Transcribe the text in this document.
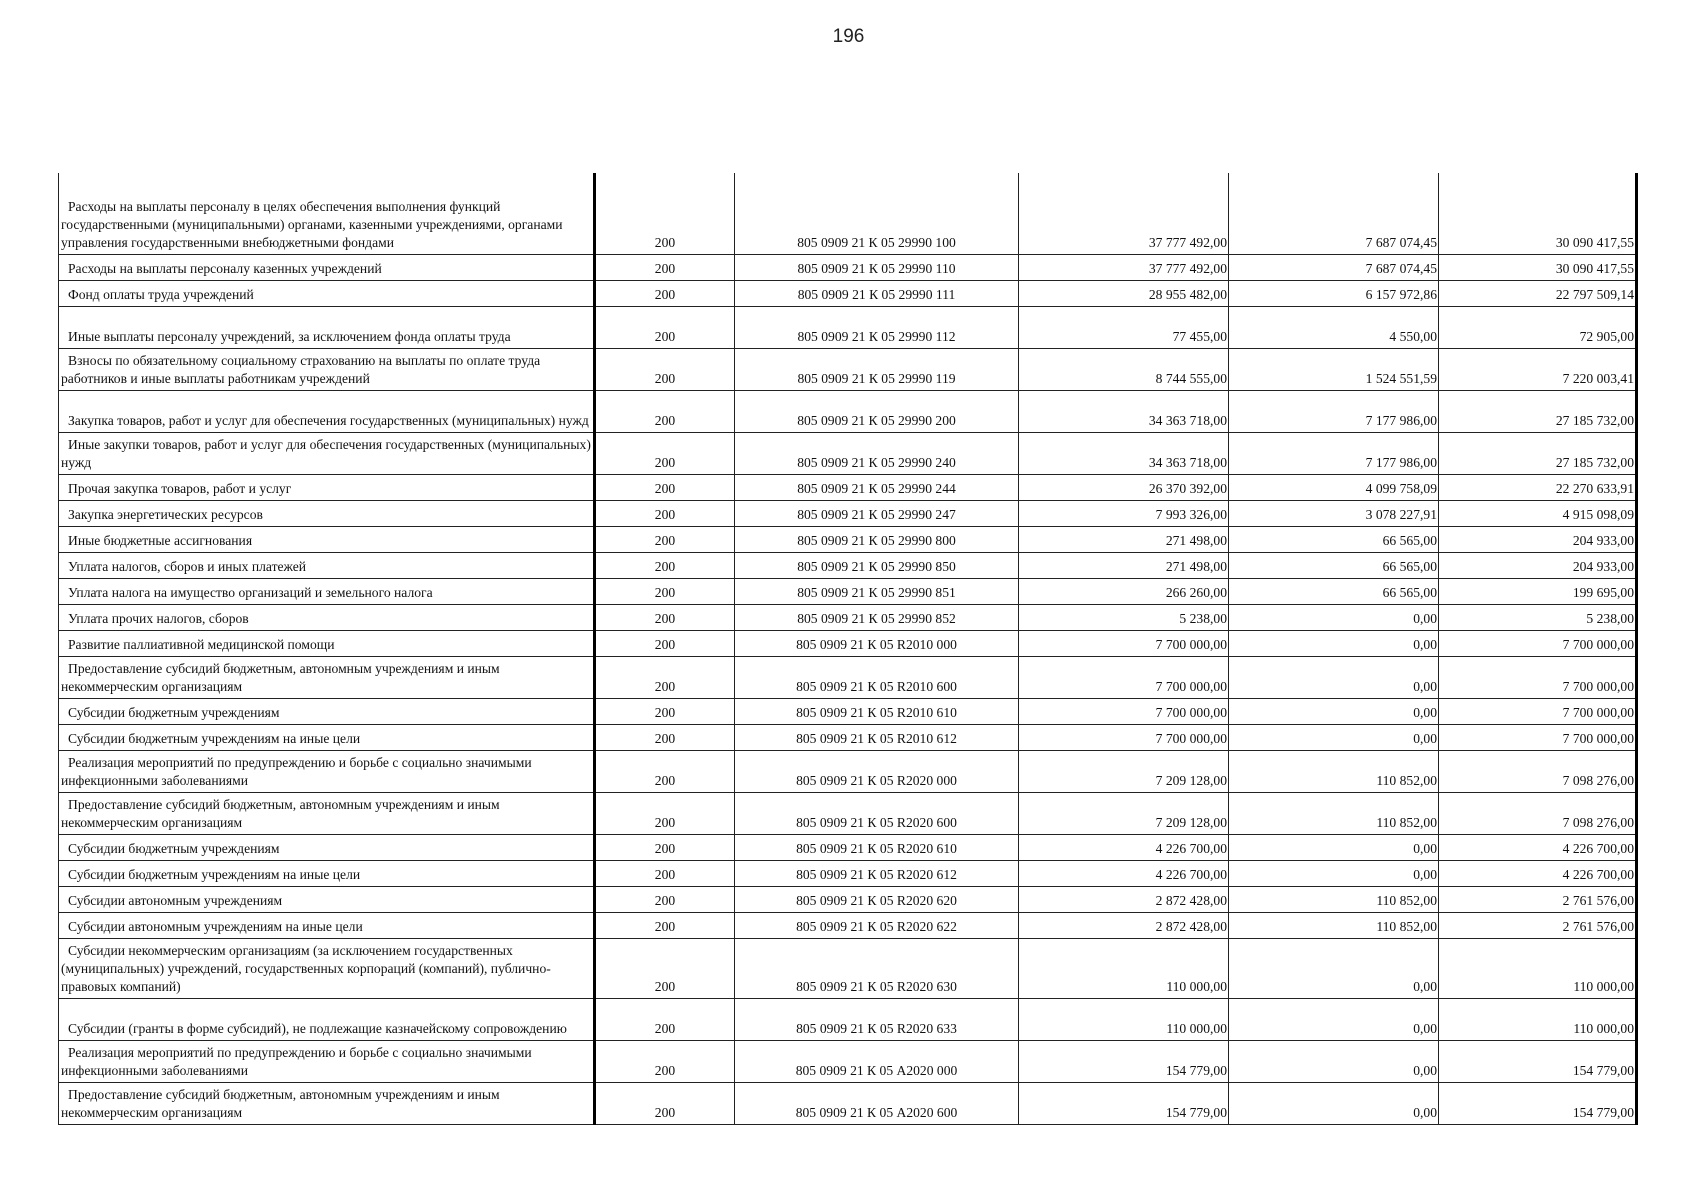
196
Расходы на выплаты персоналу в целях обеспечения выполнения функций государственными (муниципальными) органами, казенными учреждениями, органами управления государственными внебюджетными фондами	200	805 0909 21 К 05 29990 100	37 777 492,00	7 687 074,45	30 090 417,55
Расходы на выплаты персоналу казенных учреждений	200	805 0909 21 К 05 29990 110	37 777 492,00	7 687 074,45	30 090 417,55
Фонд оплаты труда учреждений	200	805 0909 21 К 05 29990 111	28 955 482,00	6 157 972,86	22 797 509,14
Иные выплаты персоналу учреждений, за исключением фонда оплаты труда	200	805 0909 21 К 05 29990 112	77 455,00	4 550,00	72 905,00
Взносы по обязательному социальному страхованию на выплаты по оплате труда работников и иные выплаты работникам учреждений	200	805 0909 21 К 05 29990 119	8 744 555,00	1 524 551,59	7 220 003,41
Закупка товаров, работ и услуг для обеспечения государственных (муниципальных) нужд	200	805 0909 21 К 05 29990 200	34 363 718,00	7 177 986,00	27 185 732,00
Иные закупки товаров, работ и услуг для обеспечения государственных (муниципальных) нужд	200	805 0909 21 К 05 29990 240	34 363 718,00	7 177 986,00	27 185 732,00
Прочая закупка товаров, работ и услуг	200	805 0909 21 К 05 29990 244	26 370 392,00	4 099 758,09	22 270 633,91
Закупка энергетических ресурсов	200	805 0909 21 К 05 29990 247	7 993 326,00	3 078 227,91	4 915 098,09
Иные бюджетные ассигнования	200	805 0909 21 К 05 29990 800	271 498,00	66 565,00	204 933,00
Уплата налогов, сборов и иных платежей	200	805 0909 21 К 05 29990 850	271 498,00	66 565,00	204 933,00
Уплата налога на имущество организаций и земельного налога	200	805 0909 21 К 05 29990 851	266 260,00	66 565,00	199 695,00
Уплата прочих налогов, сборов	200	805 0909 21 К 05 29990 852	5 238,00	0,00	5 238,00
Развитие паллиативной медицинской помощи	200	805 0909 21 К 05 R2010 000	7 700 000,00	0,00	7 700 000,00
Предоставление субсидий бюджетным, автономным учреждениям и иным некоммерческим организациям	200	805 0909 21 К 05 R2010 600	7 700 000,00	0,00	7 700 000,00
Субсидии бюджетным учреждениям	200	805 0909 21 К 05 R2010 610	7 700 000,00	0,00	7 700 000,00
Субсидии бюджетным учреждениям на иные цели	200	805 0909 21 К 05 R2010 612	7 700 000,00	0,00	7 700 000,00
Реализация мероприятий по предупреждению и борьбе с социально значимыми инфекционными заболеваниями	200	805 0909 21 К 05 R2020 000	7 209 128,00	110 852,00	7 098 276,00
Предоставление субсидий бюджетным, автономным учреждениям и иным некоммерческим организациям	200	805 0909 21 К 05 R2020 600	7 209 128,00	110 852,00	7 098 276,00
Субсидии бюджетным учреждениям	200	805 0909 21 К 05 R2020 610	4 226 700,00	0,00	4 226 700,00
Субсидии бюджетным учреждениям на иные цели	200	805 0909 21 К 05 R2020 612	4 226 700,00	0,00	4 226 700,00
Субсидии автономным учреждениям	200	805 0909 21 К 05 R2020 620	2 872 428,00	110 852,00	2 761 576,00
Субсидии автономным учреждениям на иные цели	200	805 0909 21 К 05 R2020 622	2 872 428,00	110 852,00	2 761 576,00
Субсидии некоммерческим организациям (за исключением государственных (муниципальных) учреждений, государственных корпораций (компаний), публично-правовых компаний)	200	805 0909 21 К 05 R2020 630	110 000,00	0,00	110 000,00
Субсидии (гранты в форме субсидий), не подлежащие казначейскому сопровождению	200	805 0909 21 К 05 R2020 633	110 000,00	0,00	110 000,00
Реализация мероприятий по предупреждению и борьбе с социально значимыми инфекционными заболеваниями	200	805 0909 21 К 05 А2020 000	154 779,00	0,00	154 779,00
Предоставление субсидий бюджетным, автономным учреждениям и иным некоммерческим организациям	200	805 0909 21 К 05 А2020 600	154 779,00	0,00	154 779,00
